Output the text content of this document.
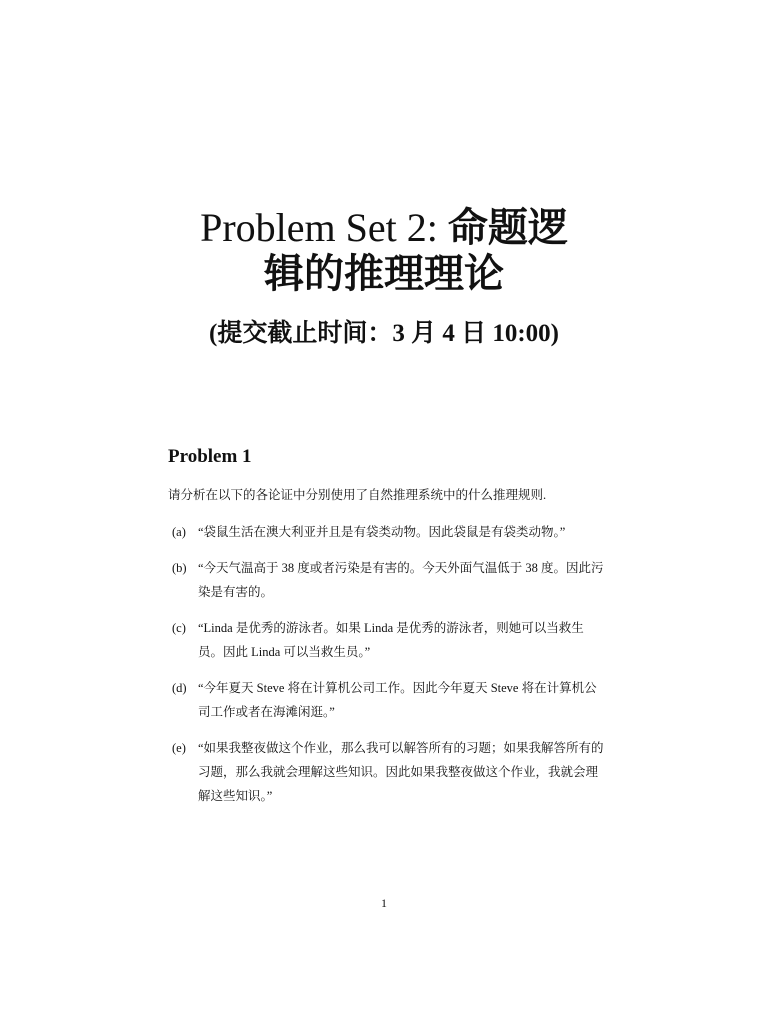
Problem Set 2: 命题逻
辑的推理理论
(提交截止时间：3 月 4 日 10:00)
Problem 1
请分析在以下的各论证中分别使用了自然推理系统中的什么推理规则.
(a) “袋鼠生活在澳大利亚并且是有袋类动物。因此袋鼠是有袋类动物。”
(b) “今天气温高于 38 度或者污染是有害的。今天外面气温低于 38 度。因此污染是有害的。
(c) “Linda 是优秀的游泳者。如果 Linda 是优秀的游泳者，则她可以当救生员。因此 Linda 可以当救生员。”
(d) “今年夏天 Steve 将在计算机公司工作。因此今年夏天 Steve 将在计算机公司工作或者在海滩闲逛。”
(e) “如果我整夜做这个作业，那么我可以解答所有的习题；如果我解答所有的习题，那么我就会理解这些知识。因此如果我整夜做这个作业，我就会理解这些知识。”
1
